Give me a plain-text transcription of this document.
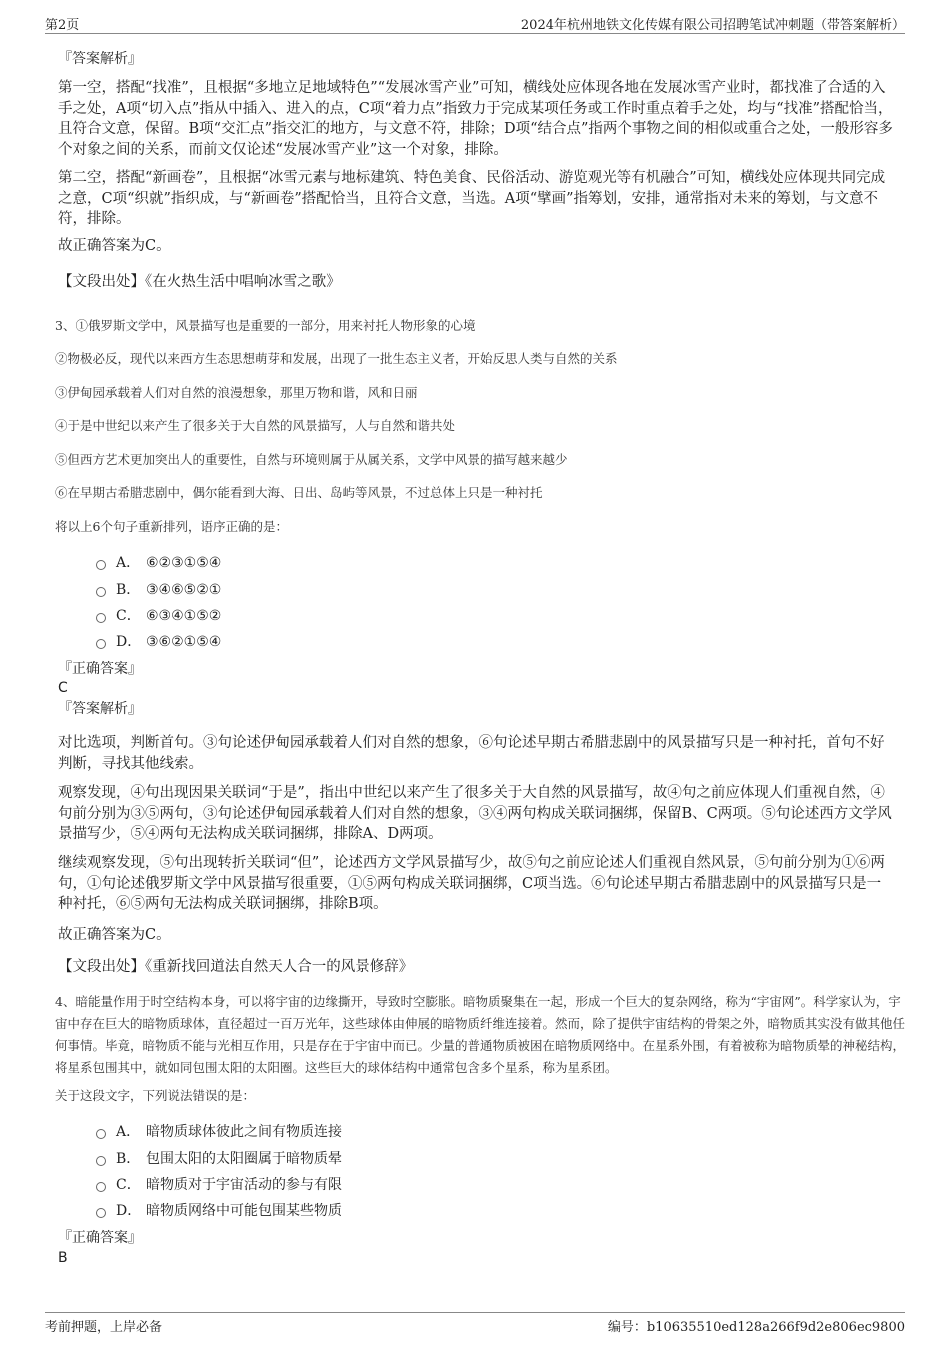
第2页	2024年杭州地铁文化传媒有限公司招聘笔试冲刺题（带答案解析）

『答案解析』

第一空，搭配“找准”，且根据“多地立足地域特色”“发展冰雪产业”可知，横线处应体现各地在发展冰雪产业时，都找准了合适的入手之处，A项“切入点”指从中插入、进入的点，C项“着力点”指致力于完成某项任务或工作时重点着手之处，均与“找准”搭配恰当，且符合文意，保留。B项“交汇点”指交汇的地方，与文意不符，排除；D项“结合点”指两个事物之间的相似或重合之处，一般形容多个对象之间的关系，而前文仅论述“发展冰雪产业”这一个对象，排除。

第二空，搭配“新画卷”，且根据“冰雪元素与地标建筑、特色美食、民俗活动、游览观光等有机融合”可知，横线处应体现共同完成之意，C项“织就”指织成，与“新画卷”搭配恰当，且符合文意，当选。A项“擘画”指筹划，安排，通常指对未来的筹划，与文意不符，排除。

故正确答案为C。

【文段出处】《在火热生活中唱响冰雪之歌》

3、①俄罗斯文学中，风景描写也是重要的一部分，用来衬托人物形象的心境

②物极必反，现代以来西方生态思想萌芽和发展，出现了一批生态主义者，开始反思人类与自然的关系

③伊甸园承载着人们对自然的浪漫想象，那里万物和谐，风和日丽

④于是中世纪以来产生了很多关于大自然的风景描写，人与自然和谐共处

⑤但西方艺术更加突出人的重要性，自然与环境则属于从属关系，文学中风景的描写越来越少

⑥在早期古希腊悲剧中，偶尔能看到大海、日出、岛屿等风景，不过总体上只是一种衬托

将以上6个句子重新排列，语序正确的是：

A． ⑥②③①⑤④
B． ③④⑥⑤②①
C． ⑥③④①⑤②
D． ③⑥②①⑤④

『正确答案』

C

『答案解析』

对比选项，判断首句。③句论述伊甸园承载着人们对自然的想象，⑥句论述早期古希腊悲剧中的风景描写只是一种衬托，首句不好判断，寻找其他线索。

观察发现，④句出现因果关联词“于是”，指出中世纪以来产生了很多关于大自然的风景描写，故④句之前应体现人们重视自然，④句前分别为③⑤两句，③句论述伊甸园承载着人们对自然的想象，③④两句构成关联词捆绑，保留B、C两项。⑤句论述西方文学风景描写少，⑤④两句无法构成关联词捆绑，排除A、D两项。

继续观察发现，⑤句出现转折关联词“但”，论述西方文学风景描写少，故⑤句之前应论述人们重视自然风景，⑤句前分别为①⑥两句，①句论述俄罗斯文学中风景描写很重要，①⑤两句构成关联词捆绑，C项当选。⑥句论述早期古希腊悲剧中的风景描写只是一种衬托，⑥⑤两句无法构成关联词捆绑，排除B项。

故正确答案为C。

【文段出处】《重新找回道法自然天人合一的风景修辞》

4、暗能量作用于时空结构本身，可以将宇宙的边缘撕开，导致时空膨胀。暗物质聚集在一起，形成一个巨大的复杂网络，称为“宇宙网”。科学家认为，宇宙中存在巨大的暗物质球体，直径超过一百万光年，这些球体由伸展的暗物质纤维连接着。然而，除了提供宇宙结构的骨架之外，暗物质其实没有做其他任何事情。毕竟，暗物质不能与光相互作用，只是存在于宇宙中而已。少量的普通物质被困在暗物质网络中。在星系外围，有着被称为暗物质晕的神秘结构，将星系包围其中，就如同包围太阳的太阳圈。这些巨大的球体结构中通常包含多个星系，称为星系团。

关于这段文字，下列说法错误的是：

A． 暗物质球体彼此之间有物质连接
B． 包围太阳的太阳圈属于暗物质晕
C． 暗物质对于宇宙活动的参与有限
D． 暗物质网络中可能包围某些物质

『正确答案』

B

考前押题，上岸必备	编号：b10635510ed128a266f9d2e806ec9800
